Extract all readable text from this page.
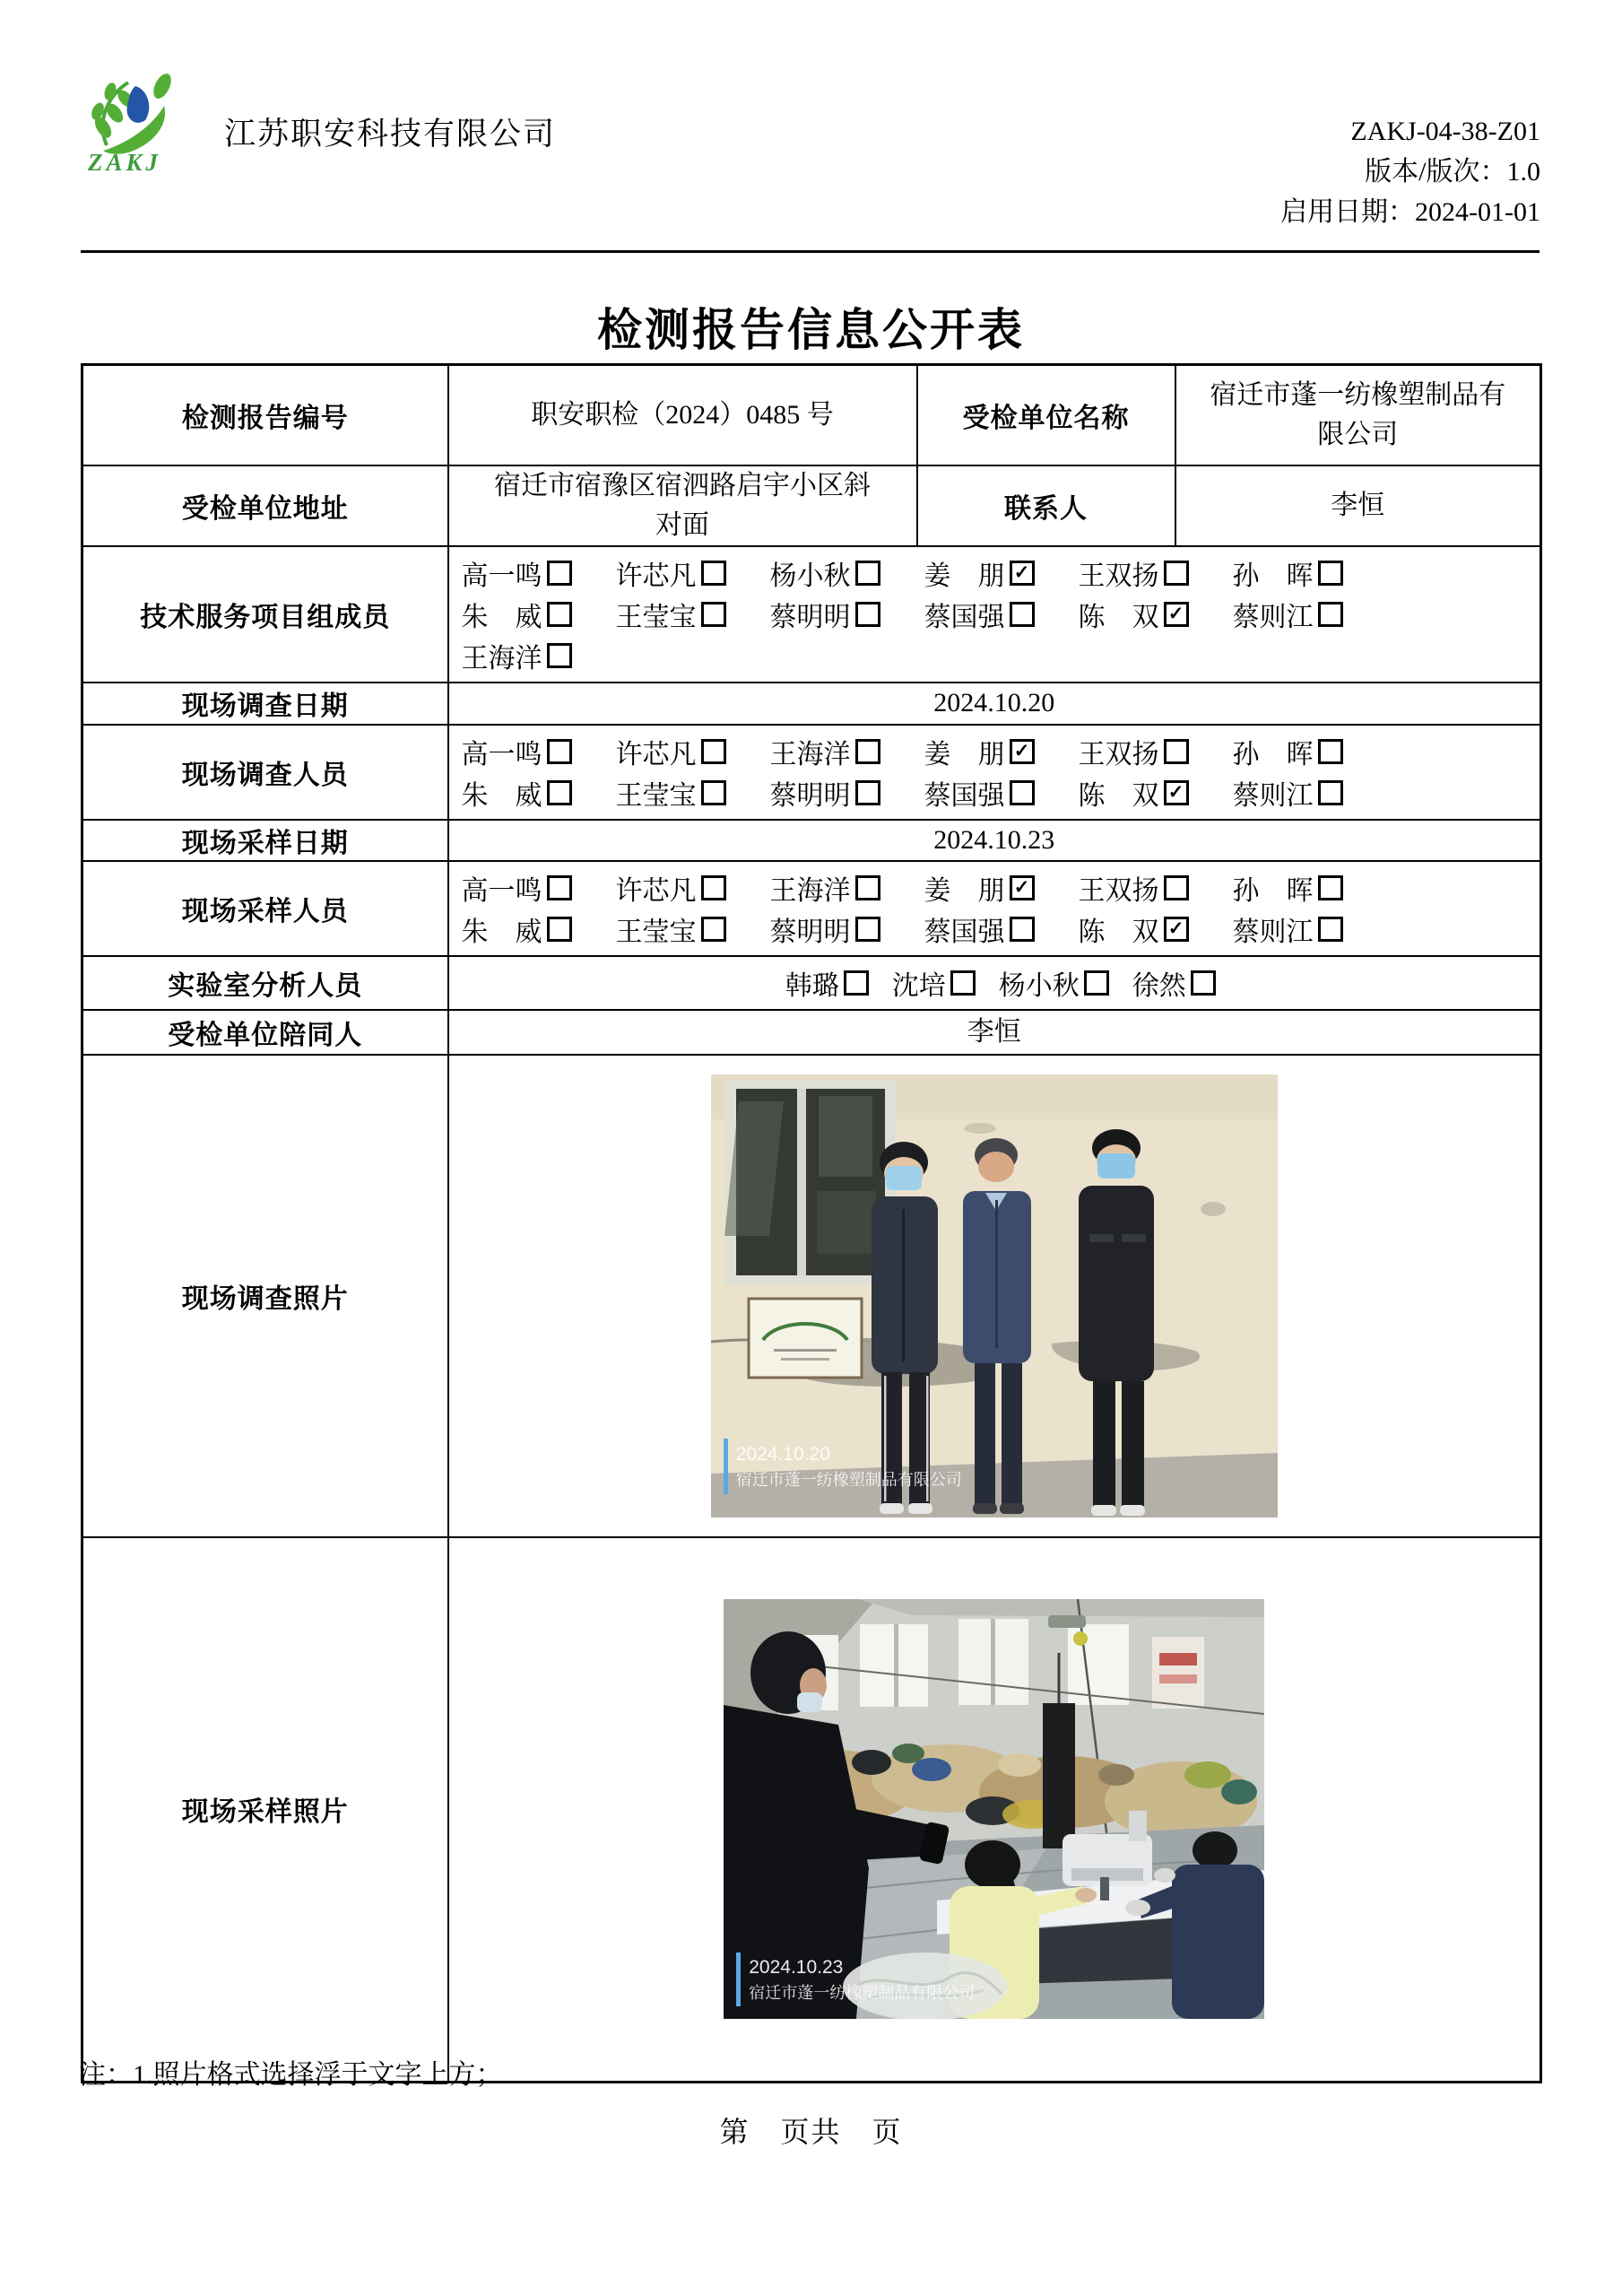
ZAKJ
江苏职安科技有限公司	ZAKJ-04-38-Z01
版本/版次：1.0
启用日期：2024-01-01
检测报告信息公开表
检测报告编号	职安职检（2024）0485 号	受检单位名称	宿迁市蓬一纺橡塑制品有限公司
受检单位地址	宿迁市宿豫区宿泗路启宇小区斜对面	联系人	李恒
技术服务项目组成员	
高一鸣	许芯凡	杨小秋	姜　朋 ✓ 王双扬	孙　晖
朱　威	王莹宝	蔡明明	蔡国强	陈　双 ✓ 蔡则江
王海洋

现场调查日期	2024.10.20		
现场调查人员	
高一鸣	许芯凡	王海洋	姜　朋 ✓ 王双扬	孙　晖
朱　威	王莹宝	蔡明明	蔡国强	陈　双 ✓ 蔡则江

现场采样日期	2024.10.23		
现场采样人员	
高一鸣	许芯凡	王海洋	姜　朋 ✓ 王双扬	孙　晖
朱　威	王莹宝	蔡明明	蔡国强	陈　双 ✓ 蔡则江

实验室分析人员	韩璐 沈培 杨小秋 徐然		

受检单位陪同人	李恒		
现场调查照片	2024.10.20
宿迁市蓬一纺橡塑制品有限公司		

现场采样照片	2024.10.23
宿迁市蓬一纺橡塑制品有限公司		
注：1.照片格式选择浮于文字上方；
第　页共　页
